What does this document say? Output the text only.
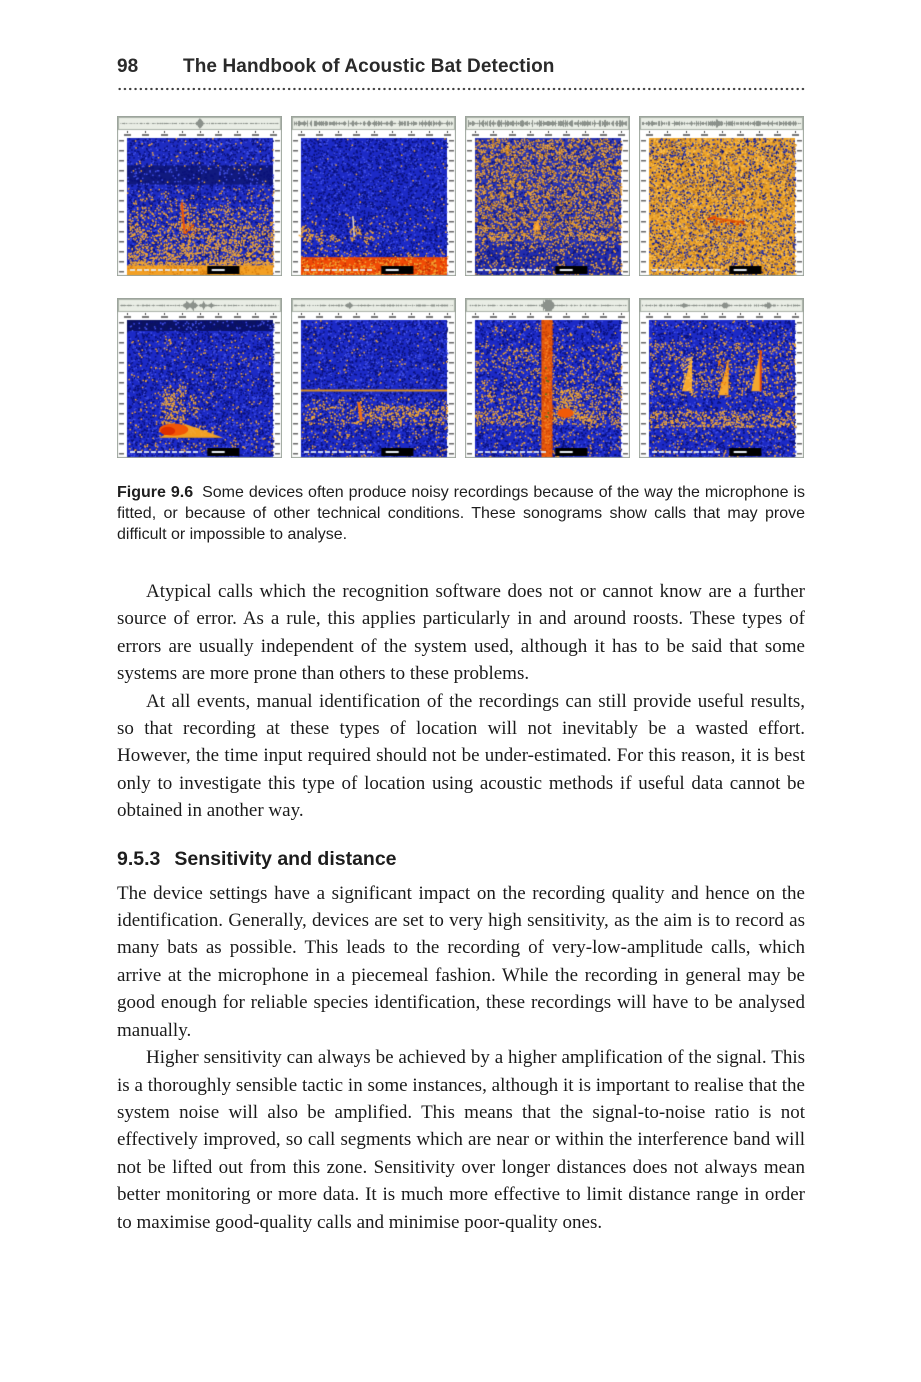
98	The Handbook of Acoustic Bat Detection
Figure 9.6 Some devices often produce noisy recordings because of the way the microphone is fitted, or because of other technical conditions. These sonograms show calls that may prove difficult or impossible to analyse.

Atypical calls which the recognition software does not or cannot know are a further source of error. As a rule, this applies particularly in and around roosts. These types of errors are usually independent of the system used, although it has to be said that some systems are more prone than others to these problems.

At all events, manual identification of the recordings can still provide useful results, so that recording at these types of location will not inevitably be a wasted effort. However, the time input required should not be under-estimated. For this reason, it is best only to investigate this type of location using acoustic methods if useful data cannot be obtained in another way.

9.5.3 Sensitivity and distance

The device settings have a significant impact on the recording quality and hence on the identification. Generally, devices are set to very high sensitivity, as the aim is to record as many bats as possible. This leads to the recording of very-low-amplitude calls, which arrive at the microphone in a piecemeal fashion. While the recording in general may be good enough for reliable species identification, these recordings will have to be analysed manually.

Higher sensitivity can always be achieved by a higher amplification of the signal. This is a thoroughly sensible tactic in some instances, although it is important to realise that the system noise will also be amplified. This means that the signal-to-noise ratio is not effectively improved, so call segments which are near or within the interference band will not be lifted out from this zone. Sensitivity over longer distances does not always mean better monitoring or more data. It is much more effective to limit distance range in order to maximise good-quality calls and minimise poor-quality ones.
